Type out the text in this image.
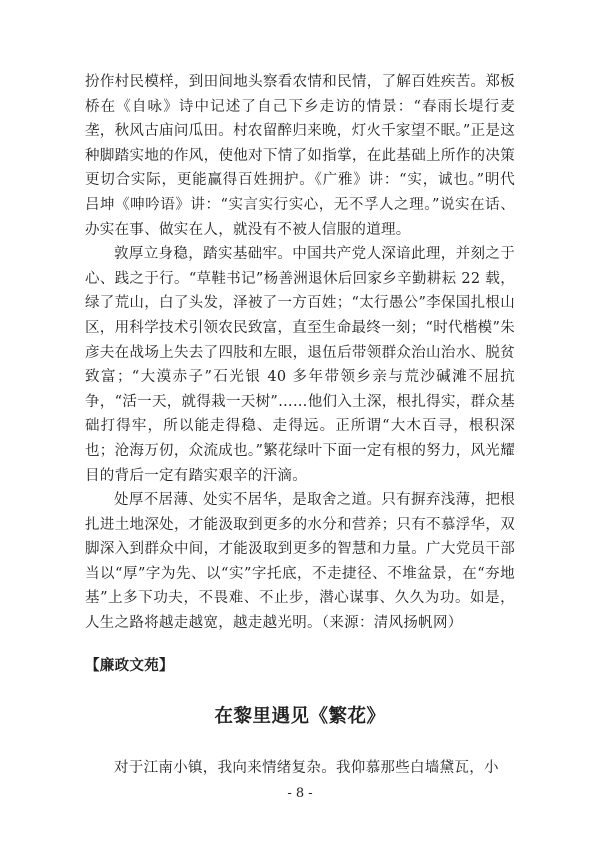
扮作村民模样，到田间地头察看农情和民情，了解百姓疾苦。郑板桥在《自咏》诗中记述了自己下乡走访的情景：“春雨长堤行麦垄，秋风古庙问瓜田。村农留醉归来晚，灯火千家望不眠。”正是这种脚踏实地的作风，使他对下情了如指掌，在此基础上所作的决策更切合实际，更能赢得百姓拥护。《广雅》讲：“实，诚也。”明代吕坤《呻吟语》讲：“实言实行实心，无不孚人之理。”说实在话、办实在事、做实在人，就没有不被人信服的道理。

敦厚立身稳，踏实基础牢。中国共产党人深谙此理，并刻之于心、践之于行。“草鞋书记”杨善洲退休后回家乡辛勤耕耘 22 载，绿了荒山，白了头发，泽被了一方百姓；“太行愚公”李保国扎根山区，用科学技术引领农民致富，直至生命最终一刻；“时代楷模”朱彦夫在战场上失去了四肢和左眼，退伍后带领群众治山治水、脱贫致富；“大漠赤子”石光银 40 多年带领乡亲与荒沙碱滩不屈抗争，“活一天，就得栽一天树”……他们入土深，根扎得实，群众基础打得牢，所以能走得稳、走得远。正所谓“大木百寻，根积深也；沧海万仞，众流成也。”繁花绿叶下面一定有根的努力，风光耀目的背后一定有踏实艰辛的汗滴。

处厚不居薄、处实不居华，是取舍之道。只有摒弃浅薄，把根扎进土地深处，才能汲取到更多的水分和营养；只有不慕浮华，双脚深入到群众中间，才能汲取到更多的智慧和力量。广大党员干部当以“厚”字为先、以“实”字托底，不走捷径、不堆盆景，在“夯地基”上多下功夫，不畏难、不止步，潜心谋事、久久为功。如是，人生之路将越走越宽，越走越光明。（来源：清风扬帆网）

【廉政文苑】
在黎里遇见《繁花》

对于江南小镇，我向来情绪复杂。我仰慕那些白墙黛瓦，小

- 8 -
